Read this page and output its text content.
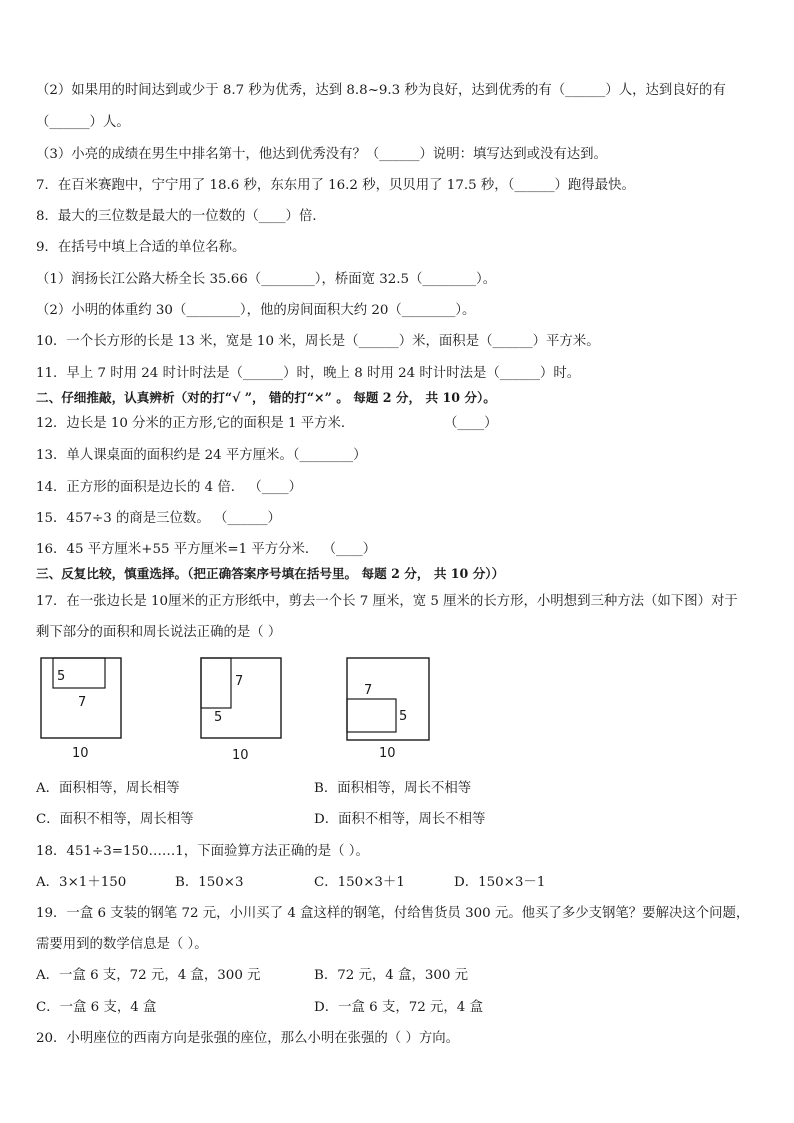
（2）如果用的时间达到或少于 8.7 秒为优秀，达到 8.8~9.3 秒为良好，达到优秀的有（______）人，达到良好的有
（______）人。
（3）小亮的成绩在男生中排名第十，他达到优秀没有？（______）说明：填写达到或没有达到。
7．在百米赛跑中，宁宁用了 18.6 秒，东东用了 16.2 秒，贝贝用了 17.5 秒，（______）跑得最快。
8．最大的三位数是最大的一位数的（____）倍．
9．在括号中填上合适的单位名称。
（1）润扬长江公路大桥全长 35.66（________），桥面宽 32.5（________）。
（2）小明的体重约 30（________），他的房间面积大约 20（________）。
10．一个长方形的长是 13 米，宽是 10 米，周长是（______）米，面积是（______）平方米。
11．早上 7 时用 24 时计时法是（______）时，晚上 8 时用 24 时计时法是（______）时。
二、仔细推敲，认真辨析（对的打“√ ”， 错的打“×” 。 每题 2 分， 共 10 分）。
12．边长是 10 分米的正方形,它的面积是 1 平方米．	（____）
13．单人课桌面的面积约是 24 平方厘米。（________）
14．正方形的面积是边长的 4 倍． （____）
15．457÷3 的商是三位数。 （______）
16．45 平方厘米+55 平方厘米=1 平方分米． （____）
三、反复比较，慎重选择。（把正确答案序号填在括号里。 每题 2 分， 共 10 分））
17．在一张边长是 10厘米的正方形纸中，剪去一个长 7 厘米，宽 5 厘米的长方形，小明想到三种方法（如下图）对于
剩下部分的面积和周长说法正确的是（ ）
5
7
10
7
5
10
7
5
10
A．面积相等，周长相等	B．面积相等，周长不相等
C．面积不相等，周长相等	D．面积不相等，周长不相等
18．451÷3=150……1，下面验算方法正确的是（ ）。
A．3×1＋150	B．150×3	C．150×3＋1	D．150×3－1
19．一盒 6 支装的钢笔 72 元，小川买了 4 盒这样的钢笔，付给售货员 300 元。他买了多少支钢笔？要解决这个问题，
需要用到的数学信息是（ ）。
A．一盒 6 支，72 元，4 盒，300 元	B．72 元，4 盒，300 元
C．一盒 6 支，4 盒	D．一盒 6 支，72 元，4 盒
20．小明座位的西南方向是张强的座位，那么小明在张强的（ ）方向。
